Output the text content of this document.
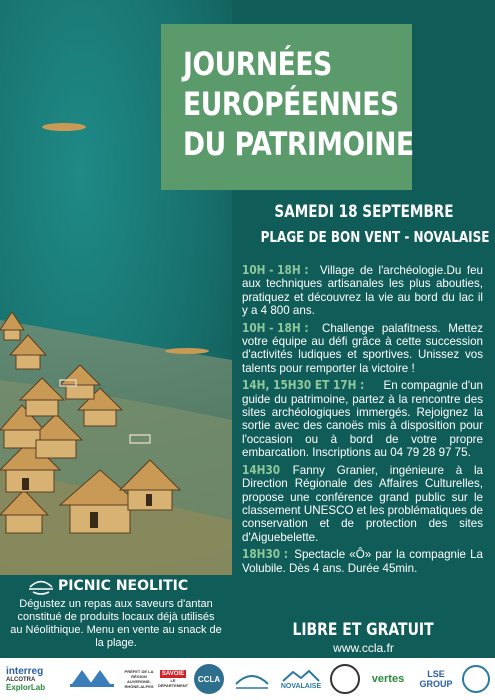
JOURNÉES
EUROPÉENNES
DU PATRIMOINE
SAMEDI 18 SEPTEMBRE
PLAGE DE BON VENT - NOVALAISE
10H - 18H : Village de l'archéologie.Du feu aux techniques artisanales les plus abouties, pratiquez et découvrez la vie au bord du lac il y a 4 800 ans.
10H - 18H : Challenge palafitness. Mettez votre équipe au défi grâce à cette succession d'activités ludiques et sportives. Unissez vos talents pour remporter la victoire !
14H, 15H30 ET 17H : En compagnie d'un guide du patrimoine, partez à la rencontre des sites archéologiques immergés. Rejoignez la sortie avec des canoës mis à disposition pour l'occasion ou à bord de votre propre embarcation. Inscriptions au 04 79 28 97 75.
14H30 Fanny Granier, ingénieure à la Direction Régionale des Affaires Culturelles, propose une conférence grand public sur le classement UNESCO et les problématiques de conservation et de protection des sites d'Aiguebelette.
18H30 : Spectacle «Ô» par la compagnie La Volubile. Dès 4 ans. Durée 45min.
PICNIC NEOLITIC
Dégustez un repas aux saveurs d'antan constitué de produits locaux déjà utilisés au Néolithique. Menu en vente au snack de la plage.
LIBRE ET GRATUIT
www.ccla.fr
interreg
ALCOTRA
ExplorLab
PRÉFET DE LA RÉGION AUVERGNE-RHÔNE-ALPES
SAVOIE
LE DÉPARTEMENT
CCLA
NOVALAISE
vertes	LSE GROUP
